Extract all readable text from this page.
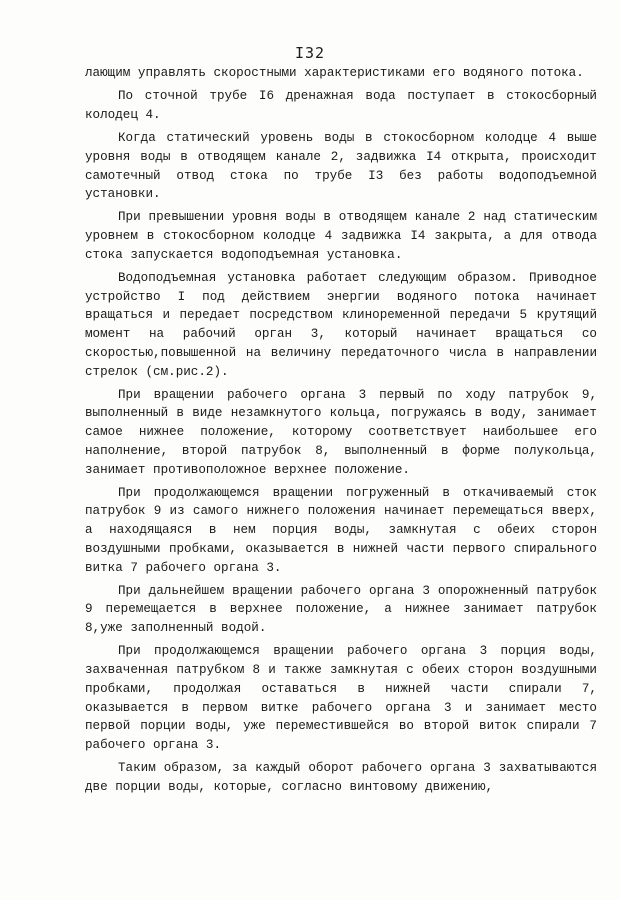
I32

лающим управлять скоростными характеристиками его водяного потока.

По сточной трубе I6 дренажная вода поступает в стокосборный колодец 4.

Когда статический уровень воды в стокосборном колодце 4 выше уровня воды в отводящем канале 2, задвижка I4 открыта, происходит самотечный отвод стока по трубе I3 без работы водоподъемной установки.

При превышении уровня воды в отводящем канале 2 над статическим уровнем в стокосборном колодце 4 задвижка I4 закрыта, а для отвода стока запускается водоподъемная установка.

Водоподъемная установка работает следующим образом. Приводное устройство I под действием энергии водяного потока начинает вращаться и передает посредством клиноременной передачи 5 крутящий момент на рабочий орган 3, который начинает вращаться со скоростью,повышенной на величину передаточного числа в направлении стрелок (см.рис.2).

При вращении рабочего органа 3 первый по ходу патрубок 9, выполненный в виде незамкнутого кольца, погружаясь в воду, занимает самое нижнее положение, которому соответствует наибольшее его наполнение, второй патрубок 8, выполненный в форме полукольца, занимает противоположное верхнее положение.

При продолжающемся вращении погруженный в откачиваемый сток патрубок 9 из самого нижнего положения начинает перемещаться вверх, а находящаяся в нем порция воды, замкнутая с обеих сторон воздушными пробками, оказывается в нижней части первого спирального витка 7 рабочего органа 3.

При дальнейшем вращении рабочего органа 3 опорожненный патрубок 9 перемещается в верхнее положение, а нижнее занимает патрубок 8,уже заполненный водой.

При продолжающемся вращении рабочего органа 3 порция воды, захваченная патрубком 8 и также замкнутая с обеих сторон воздушными пробками, продолжая оставаться в нижней части спирали 7, оказывается в первом витке рабочего органа 3 и занимает место первой порции воды, уже переместившейся во второй виток спирали 7 рабочего органа 3.

Таким образом, за каждый оборот рабочего органа 3 захватываются две порции воды, которые, согласно винтовому движению,
